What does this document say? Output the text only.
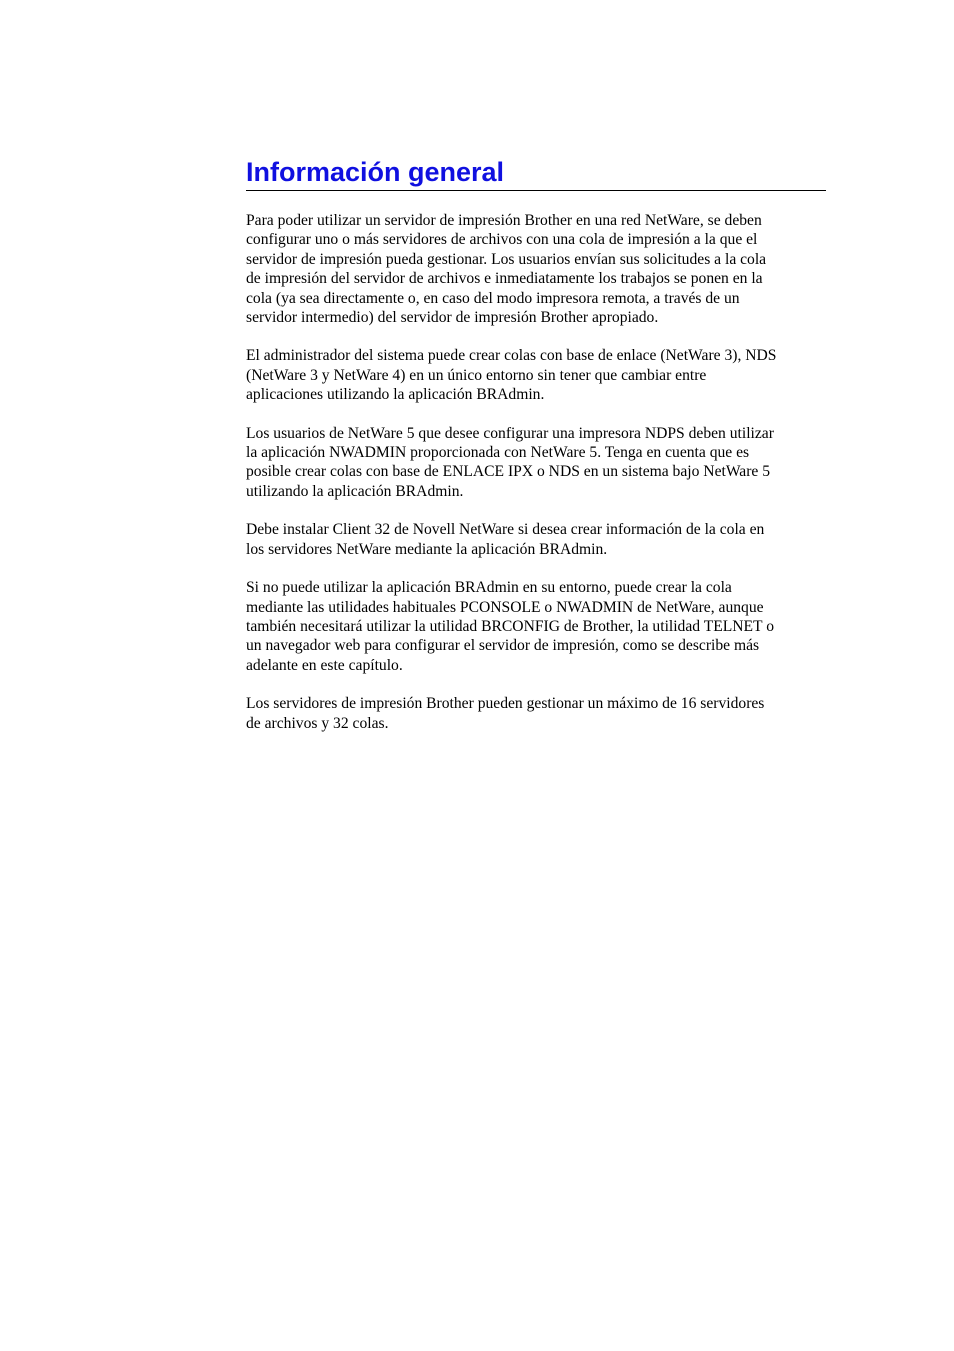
Información general

Para poder utilizar un servidor de impresión Brother en una red NetWare, se deben
configurar uno o más servidores de archivos con una cola de impresión a la que el
servidor de impresión pueda gestionar. Los usuarios envían sus solicitudes a la cola
de impresión del servidor de archivos e inmediatamente los trabajos se ponen en la
cola (ya sea directamente o, en caso del modo impresora remota, a través de un
servidor intermedio) del servidor de impresión Brother apropiado.

El administrador del sistema puede crear colas con base de enlace (NetWare 3), NDS
(NetWare 3 y NetWare 4) en un único entorno sin tener que cambiar entre
aplicaciones utilizando la aplicación BRAdmin.

Los usuarios de NetWare 5 que desee configurar una impresora NDPS deben utilizar
la aplicación NWADMIN proporcionada con NetWare 5. Tenga en cuenta que es
posible crear colas con base de ENLACE IPX o NDS en un sistema bajo NetWare 5
utilizando la aplicación BRAdmin.

Debe instalar Client 32 de Novell NetWare si desea crear información de la cola en
los servidores NetWare mediante la aplicación BRAdmin.

Si no puede utilizar la aplicación BRAdmin en su entorno, puede crear la cola
mediante las utilidades habituales PCONSOLE o NWADMIN de NetWare, aunque
también necesitará utilizar la utilidad BRCONFIG de Brother, la utilidad TELNET o
un navegador web para configurar el servidor de impresión, como se describe más
adelante en este capítulo.

Los servidores de impresión Brother pueden gestionar un máximo de 16 servidores
de archivos y 32 colas.
